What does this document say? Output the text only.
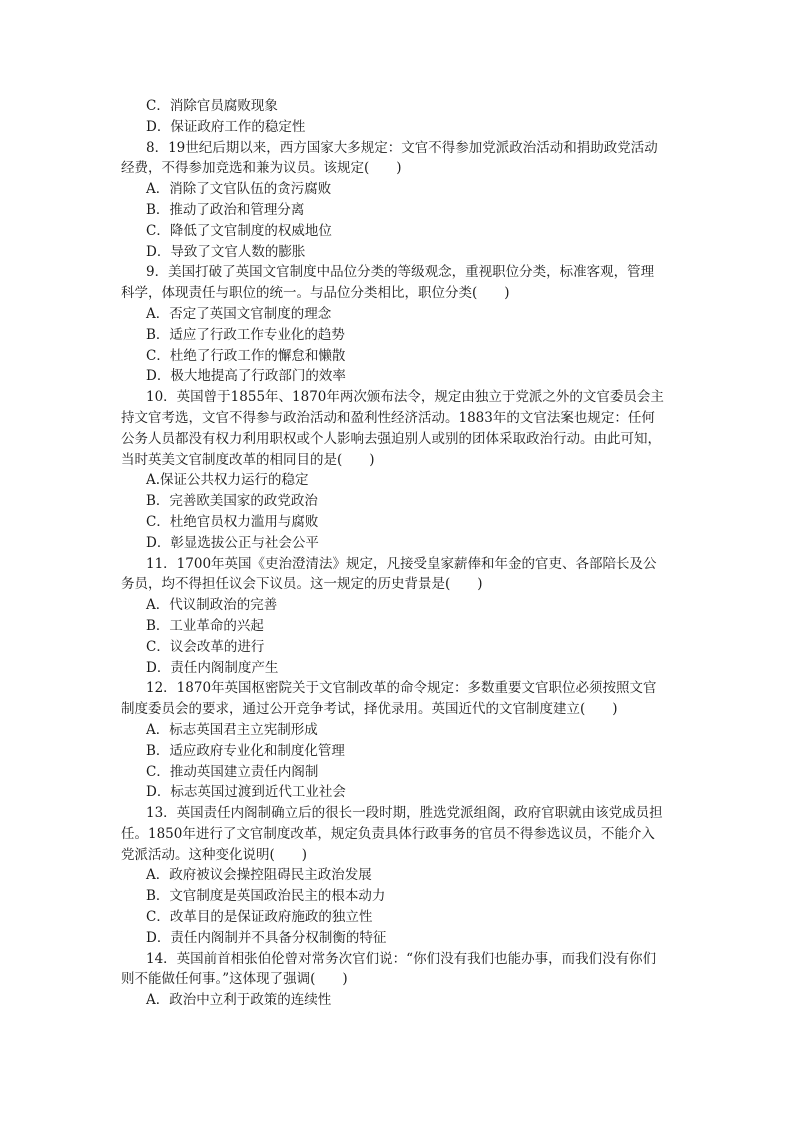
C．消除官员腐败现象
D．保证政府工作的稳定性
8．19世纪后期以来，西方国家大多规定：文官不得参加党派政治活动和捐助政党活动
经费，不得参加竞选和兼为议员。该规定(　　)
A．消除了文官队伍的贪污腐败
B．推动了政治和管理分离
C．降低了文官制度的权威地位
D．导致了文官人数的膨胀
9．美国打破了英国文官制度中品位分类的等级观念，重视职位分类，标准客观，管理
科学，体现责任与职位的统一。与品位分类相比，职位分类(　　)
A．否定了英国文官制度的理念
B．适应了行政工作专业化的趋势
C．杜绝了行政工作的懈怠和懒散
D．极大地提高了行政部门的效率
10．英国曾于1855年、1870年两次颁布法令，规定由独立于党派之外的文官委员会主
持文官考选，文官不得参与政治活动和盈利性经济活动。1883年的文官法案也规定：任何
公务人员都没有权力利用职权或个人影响去强迫别人或别的团体采取政治行动。由此可知，
当时英美文官制度改革的相同目的是(　　)
A.保证公共权力运行的稳定
B．完善欧美国家的政党政治
C．杜绝官员权力滥用与腐败
D．彰显选拔公正与社会公平
11．1700年英国《吏治澄清法》规定，凡接受皇家薪俸和年金的官吏、各部陪长及公
务员，均不得担任议会下议员。这一规定的历史背景是(　　)
A．代议制政治的完善
B．工业革命的兴起
C．议会改革的进行
D．责任内阁制度产生
12．1870年英国枢密院关于文官制改革的命令规定：多数重要文官职位必须按照文官
制度委员会的要求，通过公开竞争考试，择优录用。英国近代的文官制度建立(　　)
A．标志英国君主立宪制形成
B．适应政府专业化和制度化管理
C．推动英国建立责任内阁制
D．标志英国过渡到近代工业社会
13．英国责任内阁制确立后的很长一段时期，胜选党派组阁，政府官职就由该党成员担
任。1850年进行了文官制度改革，规定负责具体行政事务的官员不得参选议员，不能介入
党派活动。这种变化说明(　　)
A．政府被议会操控阻碍民主政治发展
B．文官制度是英国政治民主的根本动力
C．改革目的是保证政府施政的独立性
D．责任内阁制并不具备分权制衡的特征
14．英国前首相张伯伦曾对常务次官们说：“你们没有我们也能办事，而我们没有你们
则不能做任何事。”这体现了强调(　　)
A．政治中立利于政策的连续性
